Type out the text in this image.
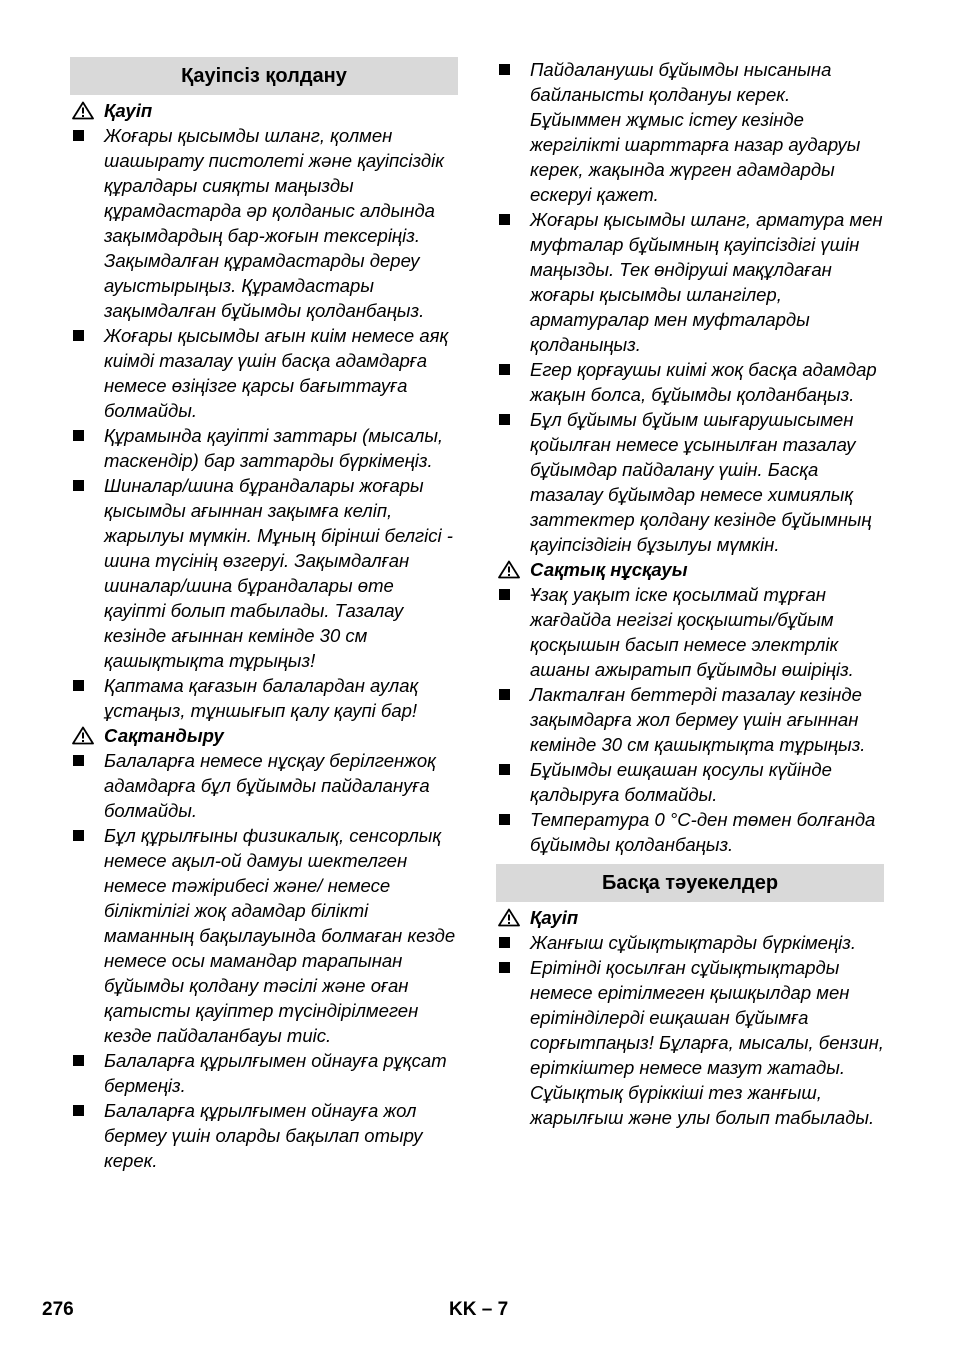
Қауіпсіз қолдану
Қауіп
Жоғары қысымды шланг, қолмен шашырату пистолеті және қауіпсіздік құралдары сияқты маңызды құрамдастарда әр қолданыс алдында зақымдардың бар-жоғын тексеріңіз. Зақымдалған құрамдастарды дереу ауыстырыңыз. Құрамдастары зақымдалған бұйымды қолданбаңыз.
Жоғары қысымды ағын киім немесе аяқ киімді тазалау үшін басқа адамдарға немесе өзіңізге қарсы бағыттауға болмайды.
Құрамында қауіпті заттары (мысалы, таскендір) бар заттарды бүркімеңіз.
Шиналар/шина бұрандалары жоғары қысымды ағыннан зақымға келіп, жарылуы мүмкін. Мұның бірінші белгісі - шина түсінің өзгеруі. Зақымдалған шиналар/шина бұрандалары өте қауіпті болып табылады. Тазалау кезінде ағыннан кемінде 30 см қашықтықта тұрыңыз!
Қаптама қағазын балалардан аулақ ұстаңыз, тұншығып қалу қаупі бар!
Сақтандыру
Балаларға немесе нұсқау берілгенжоқ адамдарға бұл бұйымды пайдалануға болмайды.
Бұл құрылғыны физикалық, сенсорлық немесе ақыл-ой дамуы шектелген немесе тәжірибесі және/ немесе біліктілігі жоқ адамдар білікті маманның бақылауында болмаған кезде немесе осы мамандар тарапынан бұйымды қолдану тәсілі және оған қатысты қауіптер түсіндірілмеген кезде пайдаланбауы тиіс.
Балаларға құрылғымен ойнауға рұқсат бермеңіз.
Балаларға құрылғымен ойнауға жол бермеу үшін оларды бақылап отыру керек.
Пайдаланушы бұйымды нысанына байланысты қолдануы керек. Бұйыммен жұмыс істеу кезінде жергілікті шарттарға назар аударуы керек, жақында жүрген адамдарды ескеруі қажет.
Жоғары қысымды шланг, арматура мен муфталар бұйымның қауіпсіздігі үшін маңызды. Тек өндіруші мақұлдаған жоғары қысымды шлангілер, арматуралар мен муфталарды қолданыңыз.
Егер қорғаушы киімі жоқ басқа адамдар жақын болса, бұйымды қолданбаңыз.
Бұл бұйымы бұйым шығарушысымен қойылған немесе ұсынылған тазалау бұйымдар пайдалану үшін. Басқа тазалау бұйымдар немесе химиялық заттектер қолдану кезінде бұйымның қауіпсіздігін бұзылуы мүмкін.
Сақтық нұсқауы
Ұзақ уақыт іске қосылмай тұрған жағдайда негізгі қосқышты/бұйым қосқышын басып немесе электрлік ашаны ажыратып бұйымды өшіріңіз.
Лакталған беттерді тазалау кезінде зақымдарға жол бермеу үшін ағыннан кемінде 30 см қашықтықта тұрыңыз.
Бұйымды ешқашан қосулы күйінде қалдыруға болмайды.
Температура 0 °C-ден төмен болғанда бұйымды қолданбаңыз.
Басқа тәуекелдер
Қауіп
Жанғыш сұйықтықтарды бүркімеңіз.
Ерітінді қосылған сұйықтықтарды немесе ерітілмеген қышқылдар мен ерітінділерді ешқашан бұйымға сорғытпаңыз! Бұларға, мысалы, бензин, еріткiштер немесе мазут жатады. Сұйықтық бүріккіші тез жанғыш, жарылғыш және улы болып табылады.
276	KK – 7
